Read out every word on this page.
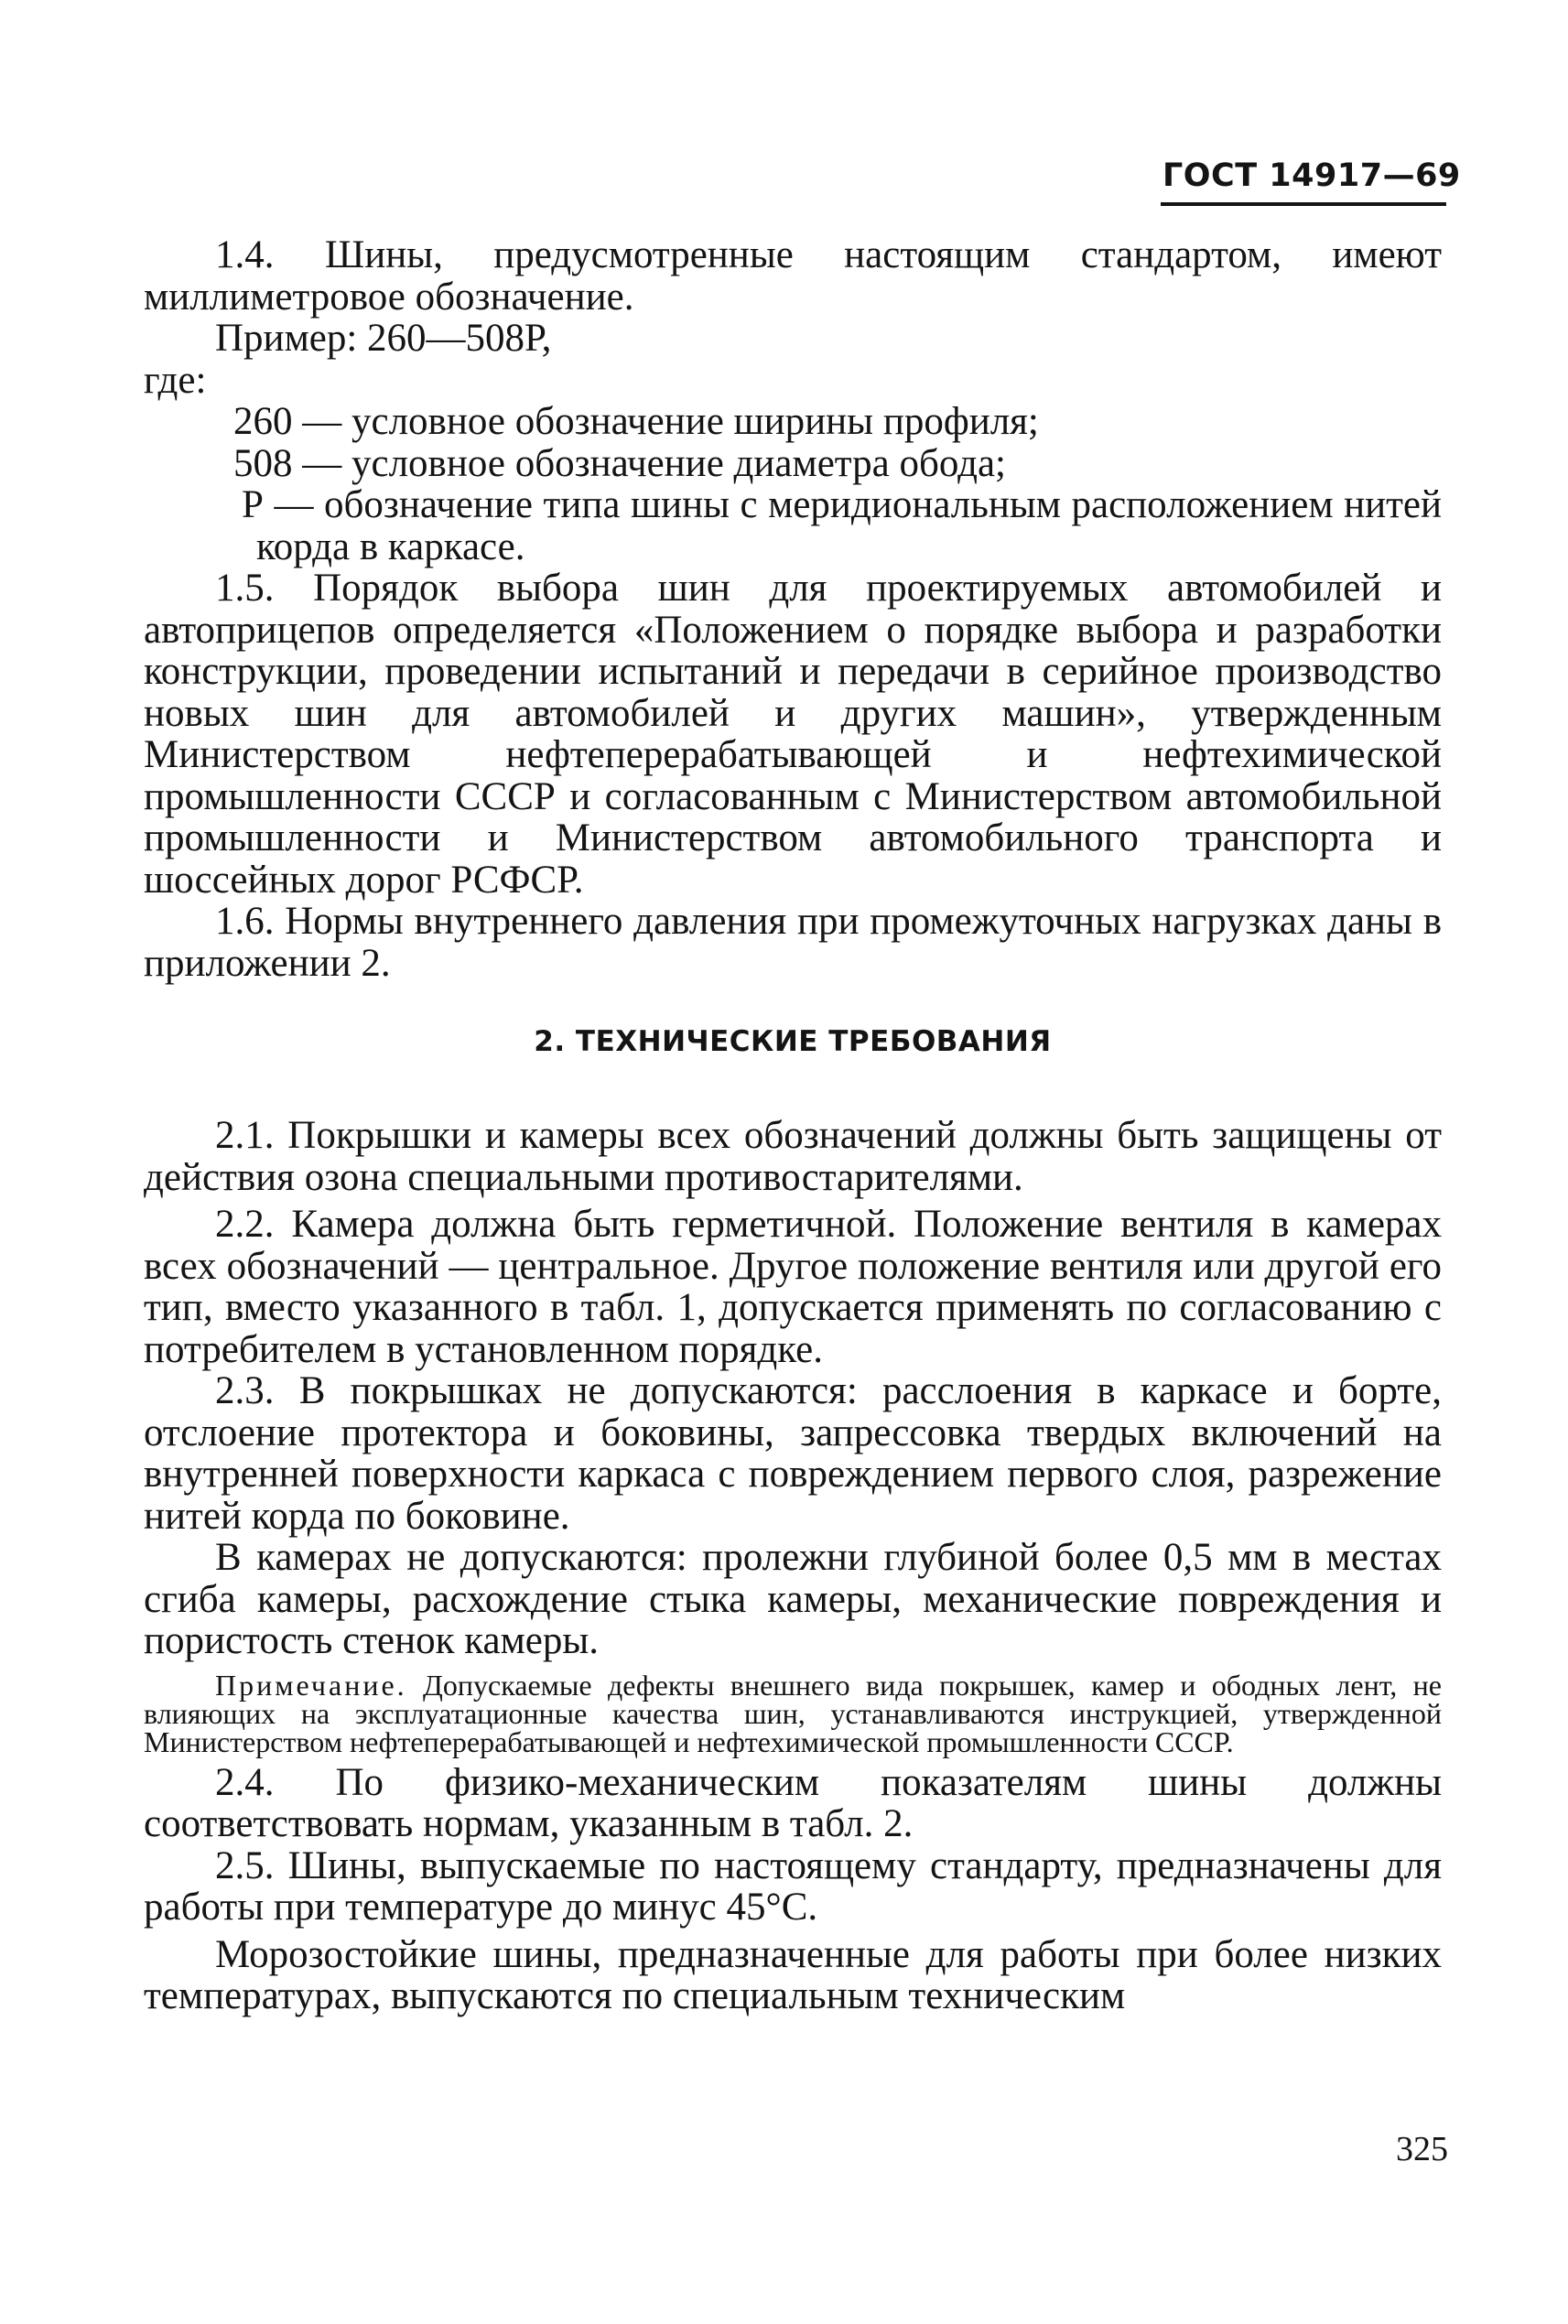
ГОСТ 14917—69

1.4. Шины, предусмотренные настоящим стандартом, имеют миллиметровое обозначение.

Пример: 260—508Р,

где:

260 — условное обозначение ширины профиля;

508 — условное обозначение диаметра обода;

Р — обозначение типа шины с меридиональным расположением нитей корда в каркасе.

1.5. Порядок выбора шин для проектируемых автомобилей и автоприцепов определяется «Положением о порядке выбора и разработки конструкции, проведении испытаний и передачи в серийное производство новых шин для автомобилей и других машин», утвержденным Министерством нефтеперерабатывающей и нефтехимической промышленности СССР и согласованным с Министерством автомобильной промышленности и Министерством автомобильного транспорта и шоссейных дорог РСФСР.

1.6. Нормы внутреннего давления при промежуточных нагрузках даны в приложении 2.

2. ТЕХНИЧЕСКИЕ ТРЕБОВАНИЯ

2.1. Покрышки и камеры всех обозначений должны быть защищены от действия озона специальными противостарителями.

2.2. Камера должна быть герметичной. Положение вентиля в камерах всех обозначений — центральное. Другое положение вентиля или другой его тип, вместо указанного в табл. 1, допускается применять по согласованию с потребителем в установленном порядке.

2.3. В покрышках не допускаются: расслоения в каркасе и борте, отслоение протектора и боковины, запрессовка твердых включений на внутренней поверхности каркаса с повреждением первого слоя, разрежение нитей корда по боковине.

В камерах не допускаются: пролежни глубиной более 0,5 мм в местах сгиба камеры, расхождение стыка камеры, механические повреждения и пористость стенок камеры.

Примечание. Допускаемые дефекты внешнего вида покрышек, камер и ободных лент, не влияющих на эксплуатационные качества шин, устанавливаются инструкцией, утвержденной Министерством нефтеперерабатывающей и нефтехимической промышленности СССР.

2.4. По физико-механическим показателям шины должны соответствовать нормам, указанным в табл. 2.

2.5. Шины, выпускаемые по настоящему стандарту, предназначены для работы при температуре до минус 45°С.

Морозостойкие шины, предназначенные для работы при более низких температурах, выпускаются по специальным техническим

325
